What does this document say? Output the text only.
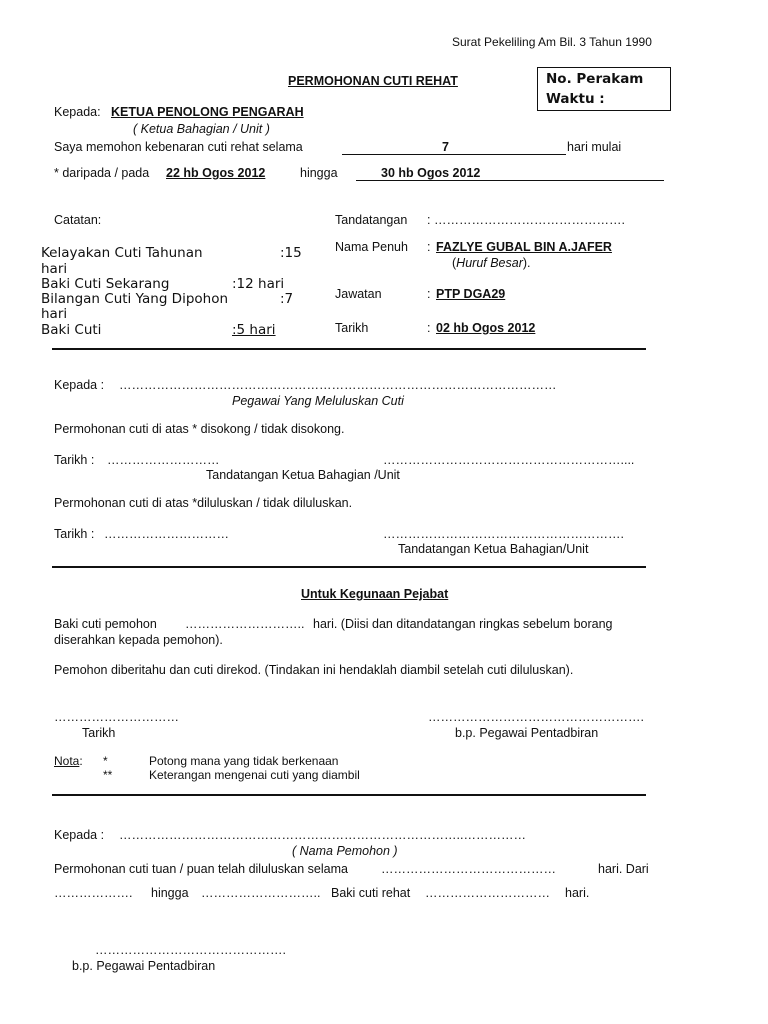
Surat Pekeliling Am Bil. 3 Tahun 1990
PERMOHONAN CUTI REHAT	No. Perakam
Waktu :
Kepada: KETUA PENOLONG PENGARAH
( Ketua Bahagian / Unit )
Saya memohon kebenaran cuti rehat selama	7	hari mulai
* daripada / pada 22 hb Ogos 2012	hingga	30 hb Ogos 2012
Catatan:
Kelayakan Cuti Tahunan	:15
hari
Baki Cuti Sekarang	:12 hari
Bilangan Cuti Yang Dipohon	:7
hari
Baki Cuti	:5 hari
Tandatangan : ……………………………………….
Nama Penuh : FAZLYE GUBAL BIN A.JAFER
(Huruf Besar).
Jawatan	: PTP DGA29
Tarikh	: 02 hb Ogos 2012
Kepada : ……………………………………………………………………………………………
Pegawai Yang Meluluskan Cuti
Permohonan cuti di atas * disokong / tidak disokong.
Tarikh : ………………………	…………………………………………………....
Tandatangan Ketua Bahagian /Unit
Permohonan cuti di atas *diluluskan / tidak diluluskan.
Tarikh : …………………………	………………………………………………….
Tandatangan Ketua Bahagian/Unit
Untuk Kegunaan Pejabat
Baki cuti pemohon ……………………….. hari. (Diisi dan ditandatangan ringkas sebelum borang
diserahkan kepada pemohon).
Pemohon diberitahu dan cuti direkod. (Tindakan ini hendaklah diambil setelah cuti diluluskan).
…………………………
Tarikh
…………………………………………….
b.p. Pegawai Pentadbiran
Nota: *	Potong mana yang tidak berkenaan
**	Keterangan mengenai cuti yang diambil
Kepada : ………………………………………………………………………..……………
( Nama Pemohon )
Permohonan cuti tuan / puan telah diluluskan selama	……………………………………	hari. Dari
………………. hingga ……………………….. Baki cuti rehat ………………………… hari.
……………………………………….
b.p. Pegawai Pentadbiran
